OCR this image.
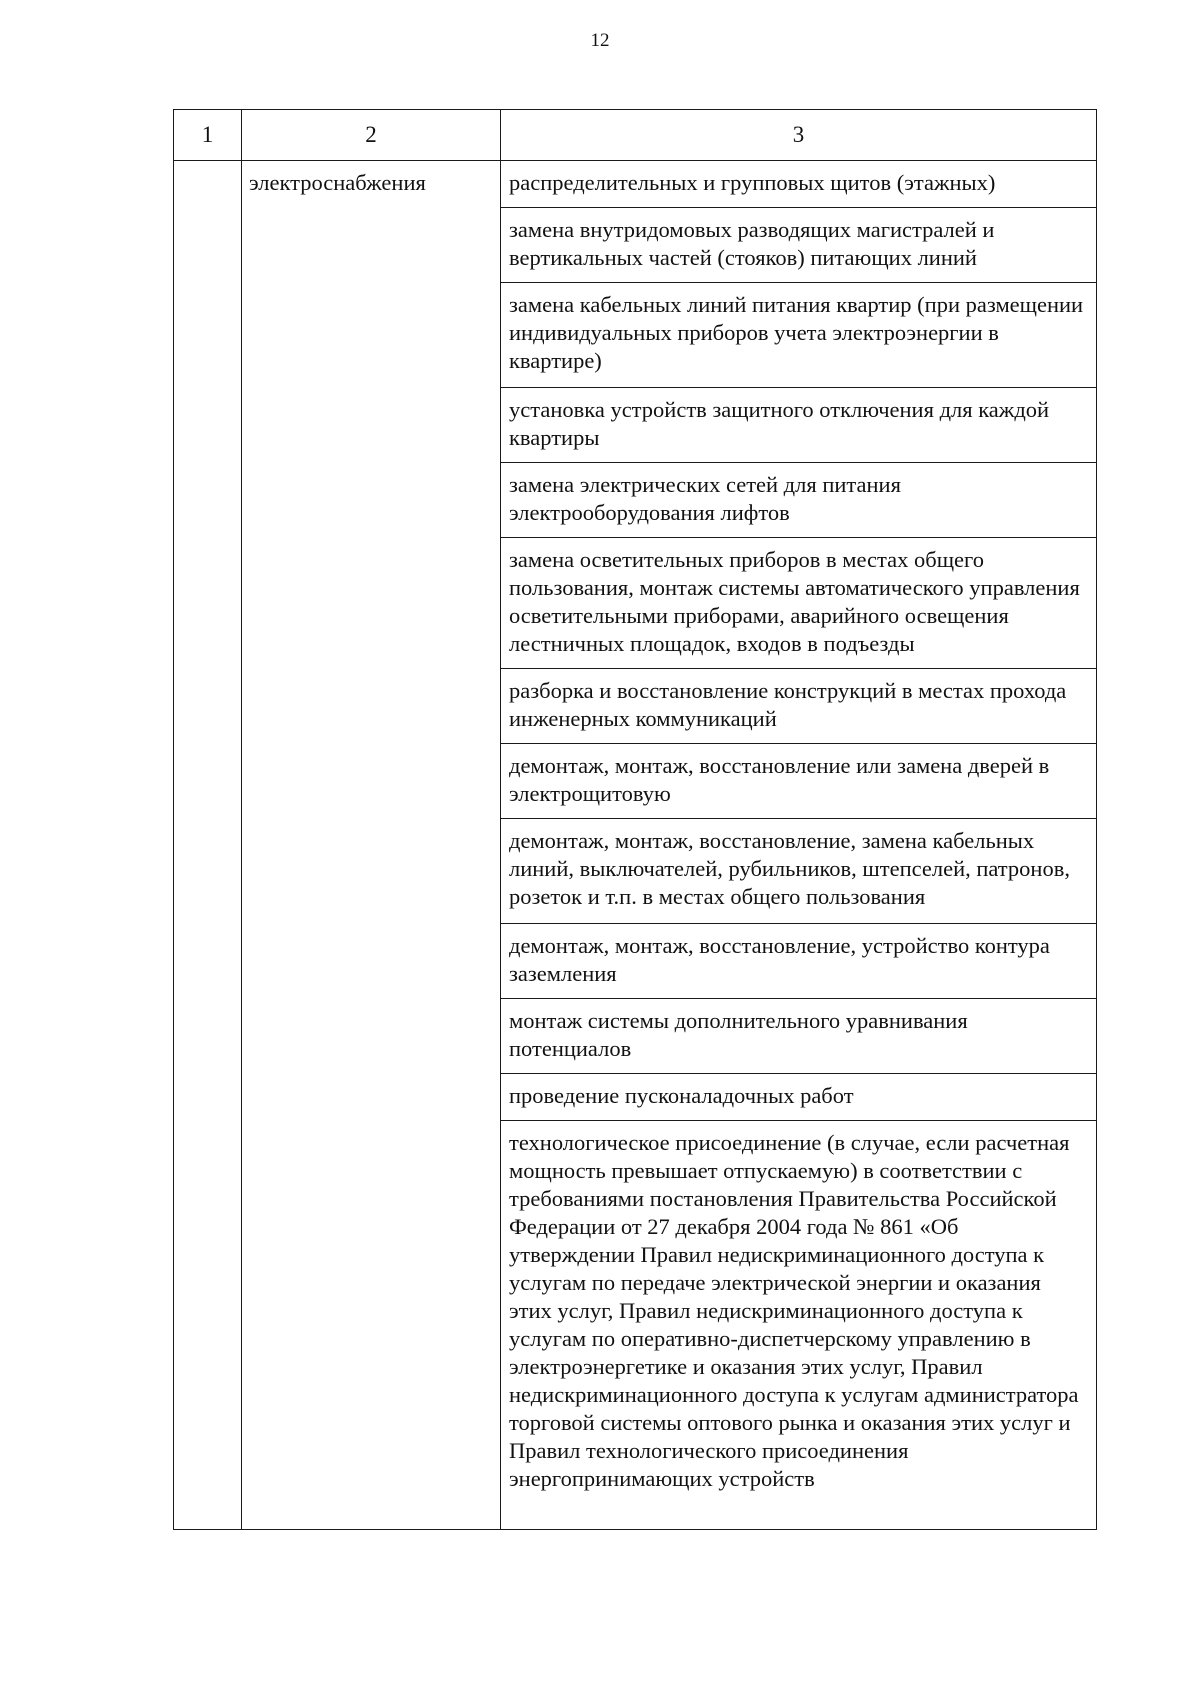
12
1	2	3
	электроснабжения	распределительных и групповых щитов (этажных)
		замена внутридомовых разводящих магистралей и вертикальных частей (стояков) питающих линий
		замена кабельных линий питания квартир (при размещении индивидуальных приборов учета электроэнергии в квартире)
		установка устройств защитного отключения для каждой квартиры
		замена электрических сетей для питания электрооборудования лифтов
		замена осветительных приборов в местах общего пользования, монтаж системы автоматического управления осветительными приборами, аварийного освещения лестничных площадок, входов в подъезды
		разборка и восстановление конструкций в местах прохода инженерных коммуникаций
		демонтаж, монтаж, восстановление или замена дверей в электрощитовую
		демонтаж, монтаж, восстановление, замена кабельных линий, выключателей, рубильников, штепселей, патронов, розеток и т.п. в местах общего пользования
		демонтаж, монтаж, восстановление, устройство контура заземления
		монтаж системы дополнительного уравнивания потенциалов
		проведение пусконаладочных работ
		технологическое присоединение (в случае, если расчетная мощность превышает отпускаемую) в соответствии с требованиями постановления Правительства Российской Федерации от 27 декабря 2004 года № 861 «Об утверждении Правил недискриминационного доступа к услугам по передаче электрической энергии и оказания этих услуг, Правил недискриминационного доступа к услугам по оперативно-диспетчерскому управлению в электроэнергетике и оказания этих услуг, Правил недискриминационного доступа к услугам администратора торговой системы оптового рынка и оказания этих услуг и Правил технологического присоединения энергопринимающих устройств
